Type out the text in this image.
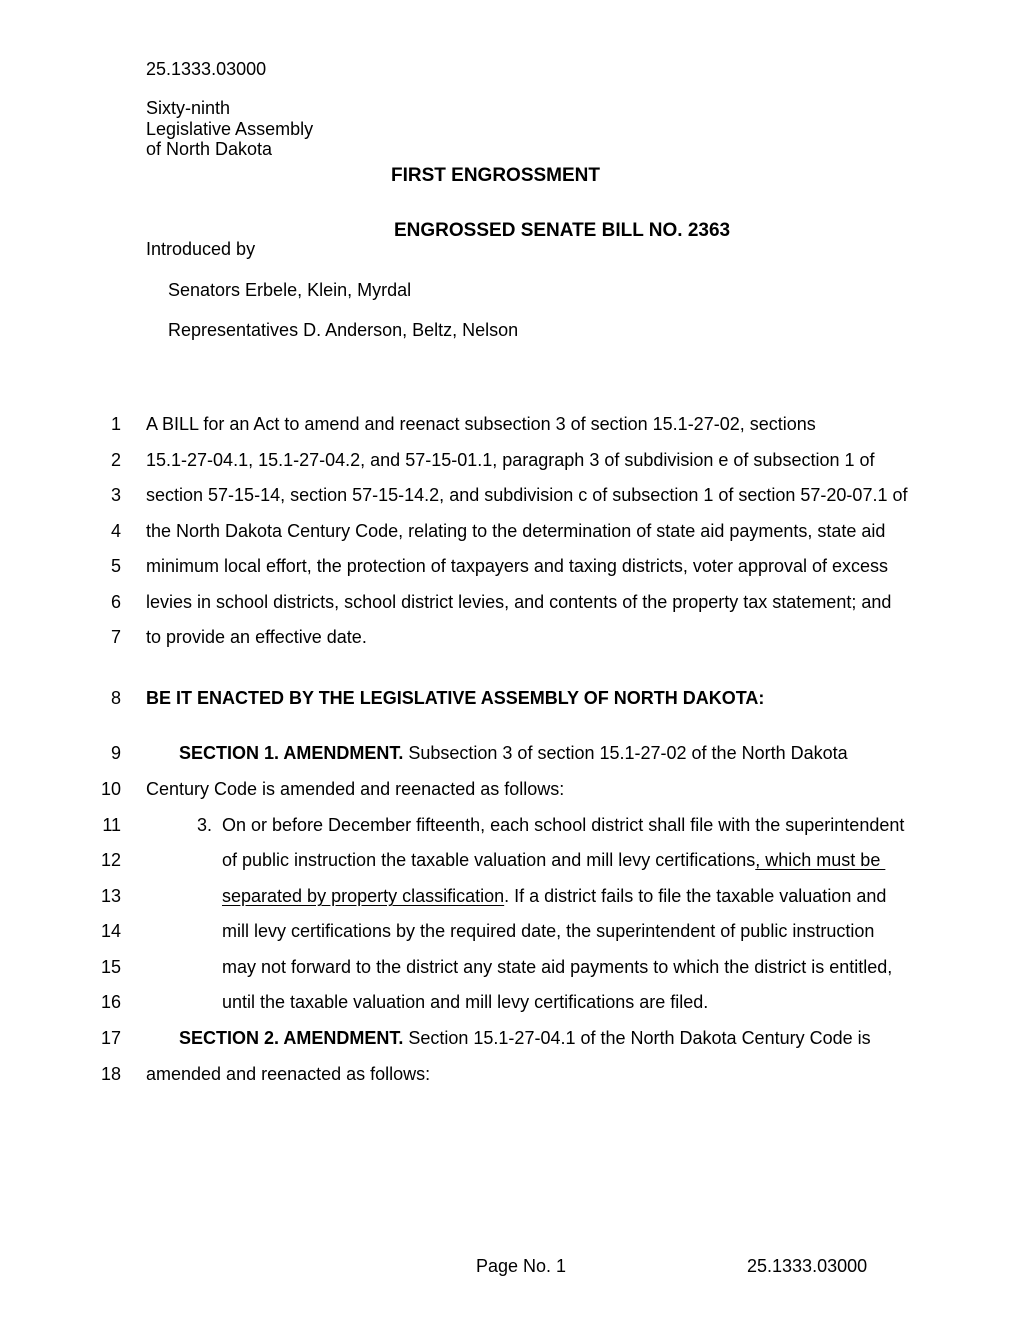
25.1333.03000
Sixty-ninth
Legislative Assembly
of North Dakota
FIRST ENGROSSMENT
ENGROSSED SENATE BILL NO. 2363
Introduced by
Senators Erbele, Klein, Myrdal
Representatives D. Anderson, Beltz, Nelson
1
2
3
4
5
6
7
8
9
10
11
12
13
14
15
16
17
18
A BILL for an Act to amend and reenact subsection 3 of section 15.1-27-02, sections
15.1-27-04.1, 15.1-27-04.2, and 57-15-01.1, paragraph 3 of subdivision e of subsection 1 of
section 57-15-14, section 57-15-14.2, and subdivision c of subsection 1 of section 57-20-07.1 of
the North Dakota Century Code, relating to the determination of state aid payments, state aid
minimum local effort, the protection of taxpayers and taxing districts, voter approval of excess
levies in school districts, school district levies, and contents of the property tax statement; and
to provide an effective date.
BE IT ENACTED BY THE LEGISLATIVE ASSEMBLY OF NORTH DAKOTA:
SECTION 1. AMENDMENT. Subsection 3 of section 15.1-27-02 of the North Dakota
Century Code is amended and reenacted as follows:
3. On or before December fifteenth, each school district shall file with the superintendent
of public instruction the taxable valuation and mill levy certifications, which must be
separated by property classification. If a district fails to file the taxable valuation and
mill levy certifications by the required date, the superintendent of public instruction
may not forward to the district any state aid payments to which the district is entitled,
until the taxable valuation and mill levy certifications are filed.
SECTION 2. AMENDMENT. Section 15.1-27-04.1 of the North Dakota Century Code is
amended and reenacted as follows:
Page No. 1	25.1333.03000
